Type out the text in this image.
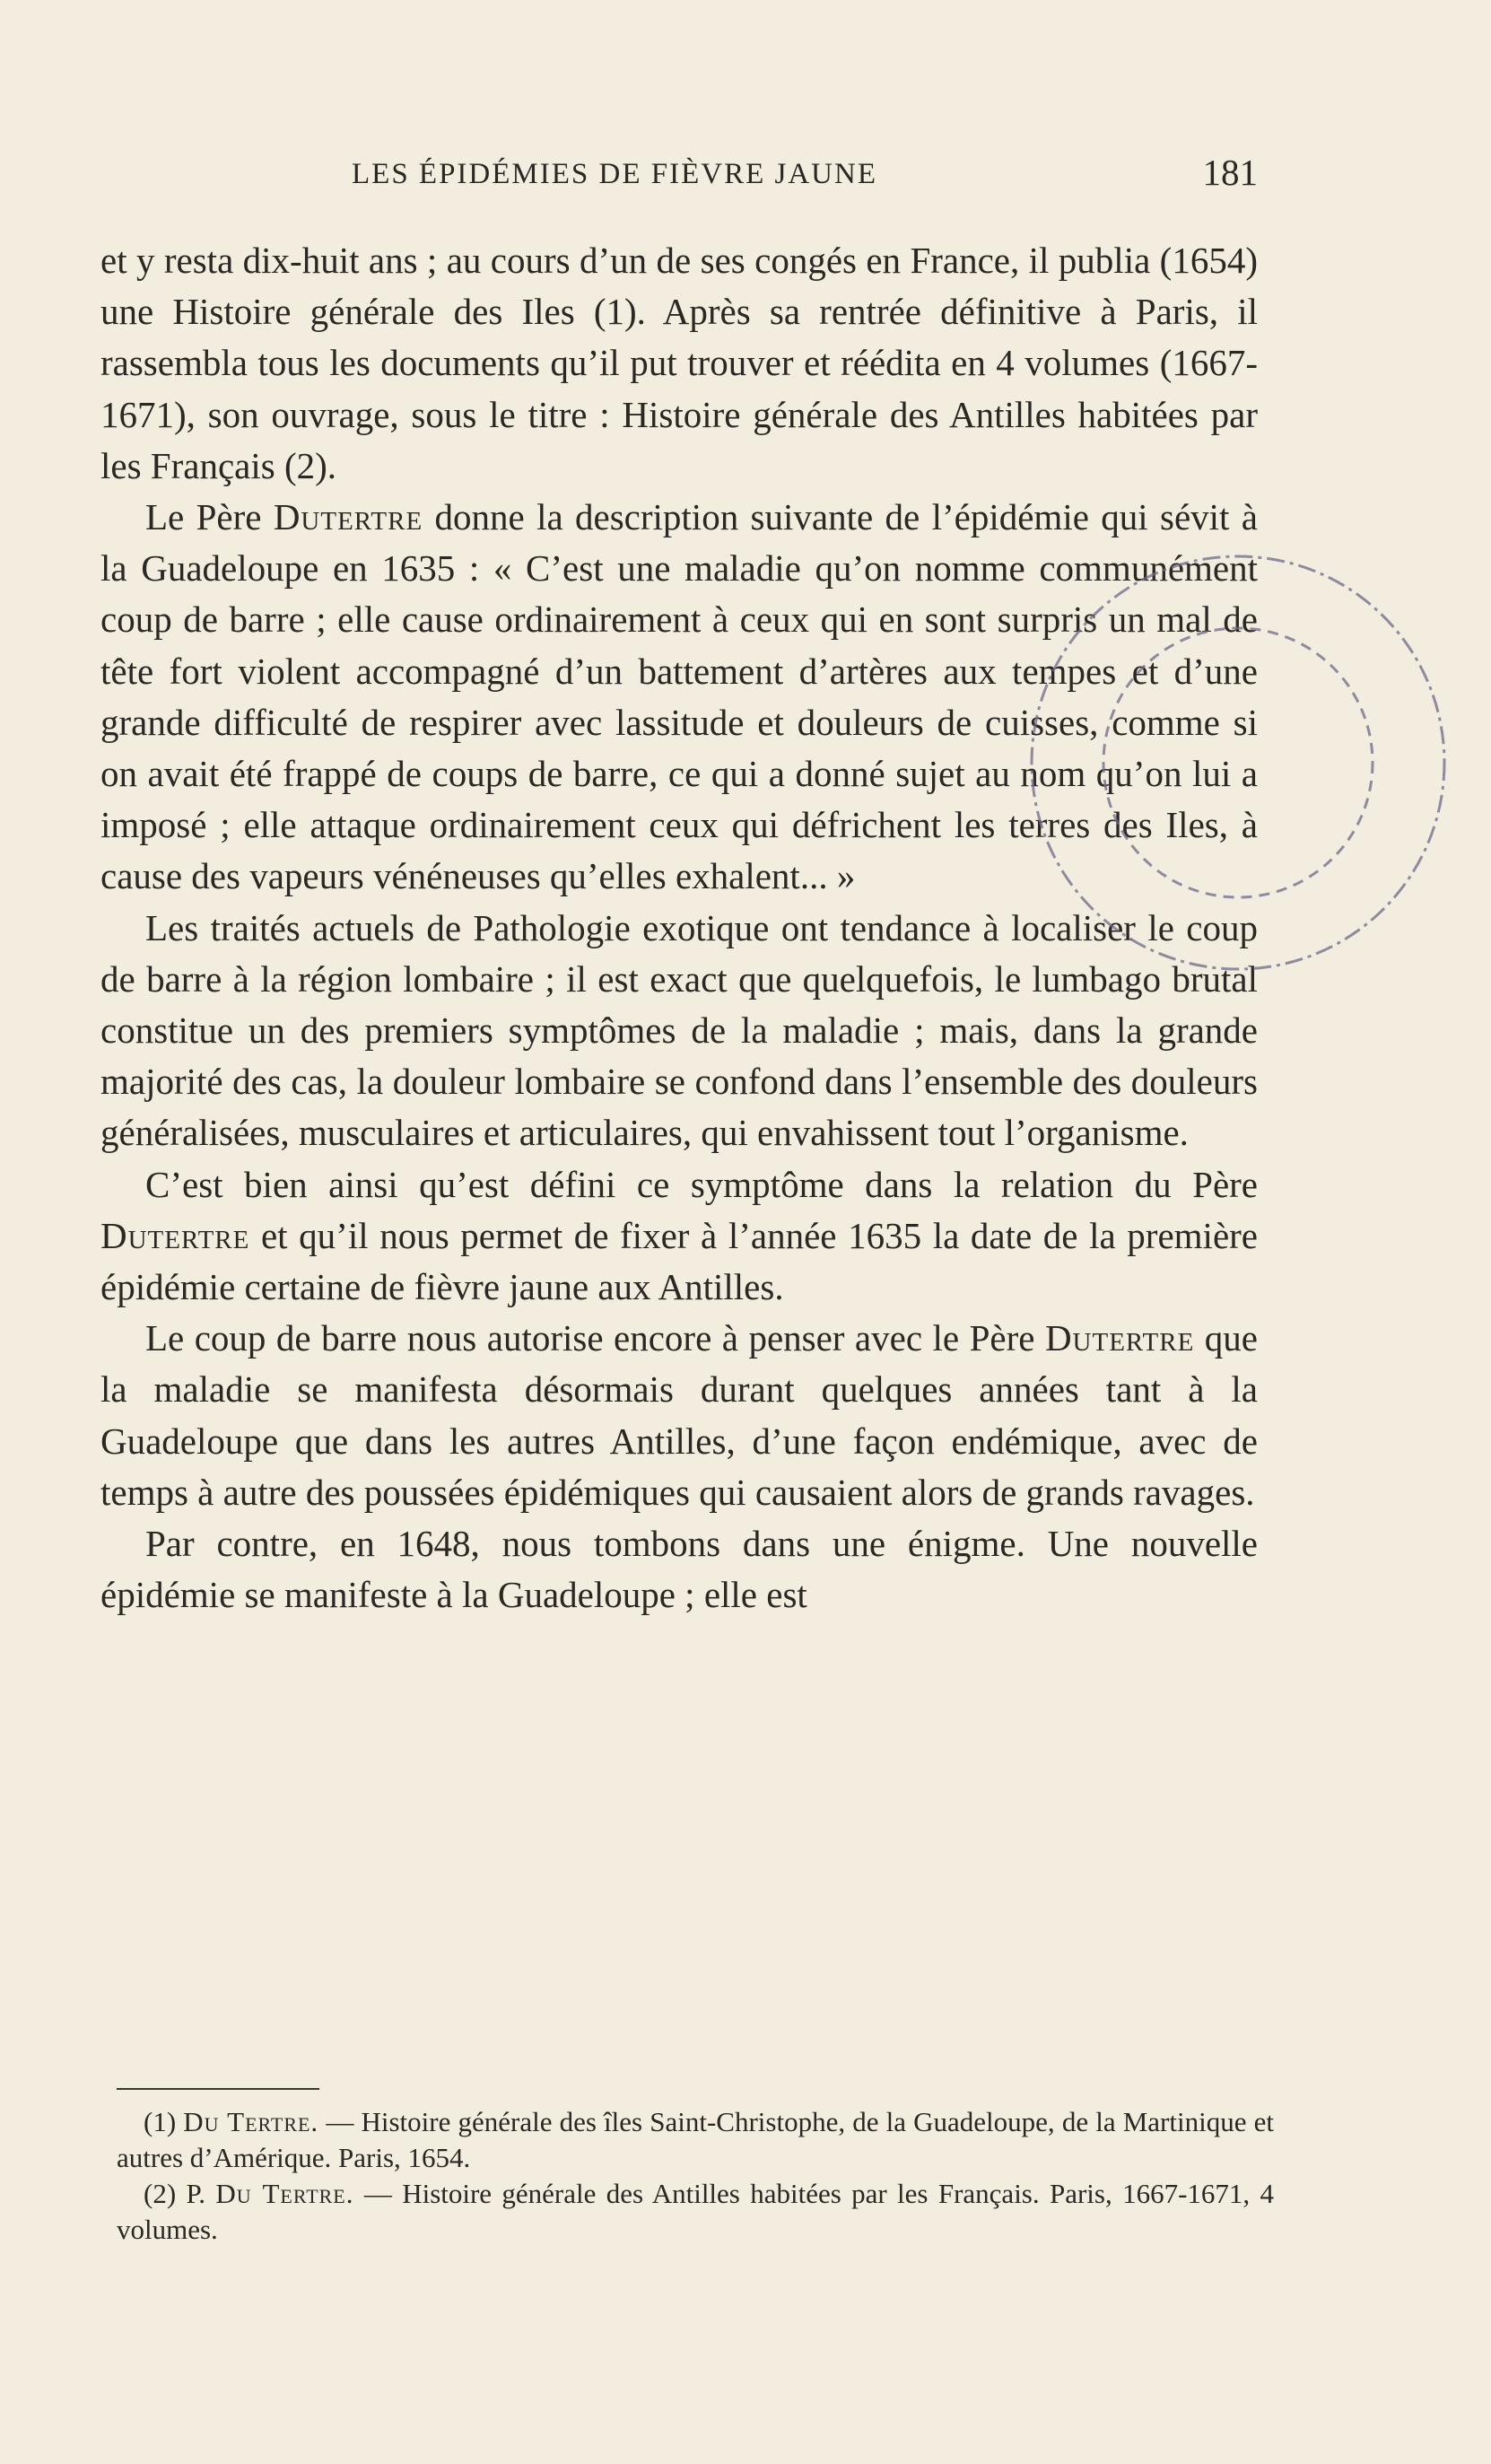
LES ÉPIDÉMIES DE FIÈVRE JAUNE	181

et y resta dix-huit ans ; au cours d’un de ses congés en France, il publia (1654) une Histoire générale des Iles (1). Après sa rentrée définitive à Paris, il rassembla tous les documents qu’il put trouver et réédita en 4 volumes (1667-1671), son ouvrage, sous le titre : Histoire générale des Antilles habitées par les Français (2).

Le Père Dutertre donne la description suivante de l’épidémie qui sévit à la Guadeloupe en 1635 : « C’est une maladie qu’on nomme communément coup de barre ; elle cause ordinairement à ceux qui en sont surpris un mal de tête fort violent accompagné d’un battement d’artères aux tempes et d’une grande difficulté de respirer avec lassitude et douleurs de cuisses, comme si on avait été frappé de coups de barre, ce qui a donné sujet au nom qu’on lui a imposé ; elle attaque ordinairement ceux qui défrichent les terres des Iles, à cause des vapeurs vénéneuses qu’elles exhalent... »

Les traités actuels de Pathologie exotique ont tendance à localiser le coup de barre à la région lombaire ; il est exact que quelquefois, le lumbago brutal constitue un des premiers symptômes de la maladie ; mais, dans la grande majorité des cas, la douleur lombaire se confond dans l’ensemble des douleurs généralisées, musculaires et articulaires, qui envahissent tout l’organisme.

C’est bien ainsi qu’est défini ce symptôme dans la relation du Père Dutertre et qu’il nous permet de fixer à l’année 1635 la date de la première épidémie certaine de fièvre jaune aux Antilles.

Le coup de barre nous autorise encore à penser avec le Père Dutertre que la maladie se manifesta désormais durant quelques années tant à la Guadeloupe que dans les autres Antilles, d’une façon endémique, avec de temps à autre des poussées épidémiques qui causaient alors de grands ravages.

Par contre, en 1648, nous tombons dans une énigme. Une nouvelle épidémie se manifeste à la Guadeloupe ; elle est

(1) Du Tertre. — Histoire générale des îles Saint-Christophe, de la Guadeloupe, de la Martinique et autres d’Amérique. Paris, 1654.

(2) P. Du Tertre. — Histoire générale des Antilles habitées par les Français. Paris, 1667-1671, 4 volumes.
